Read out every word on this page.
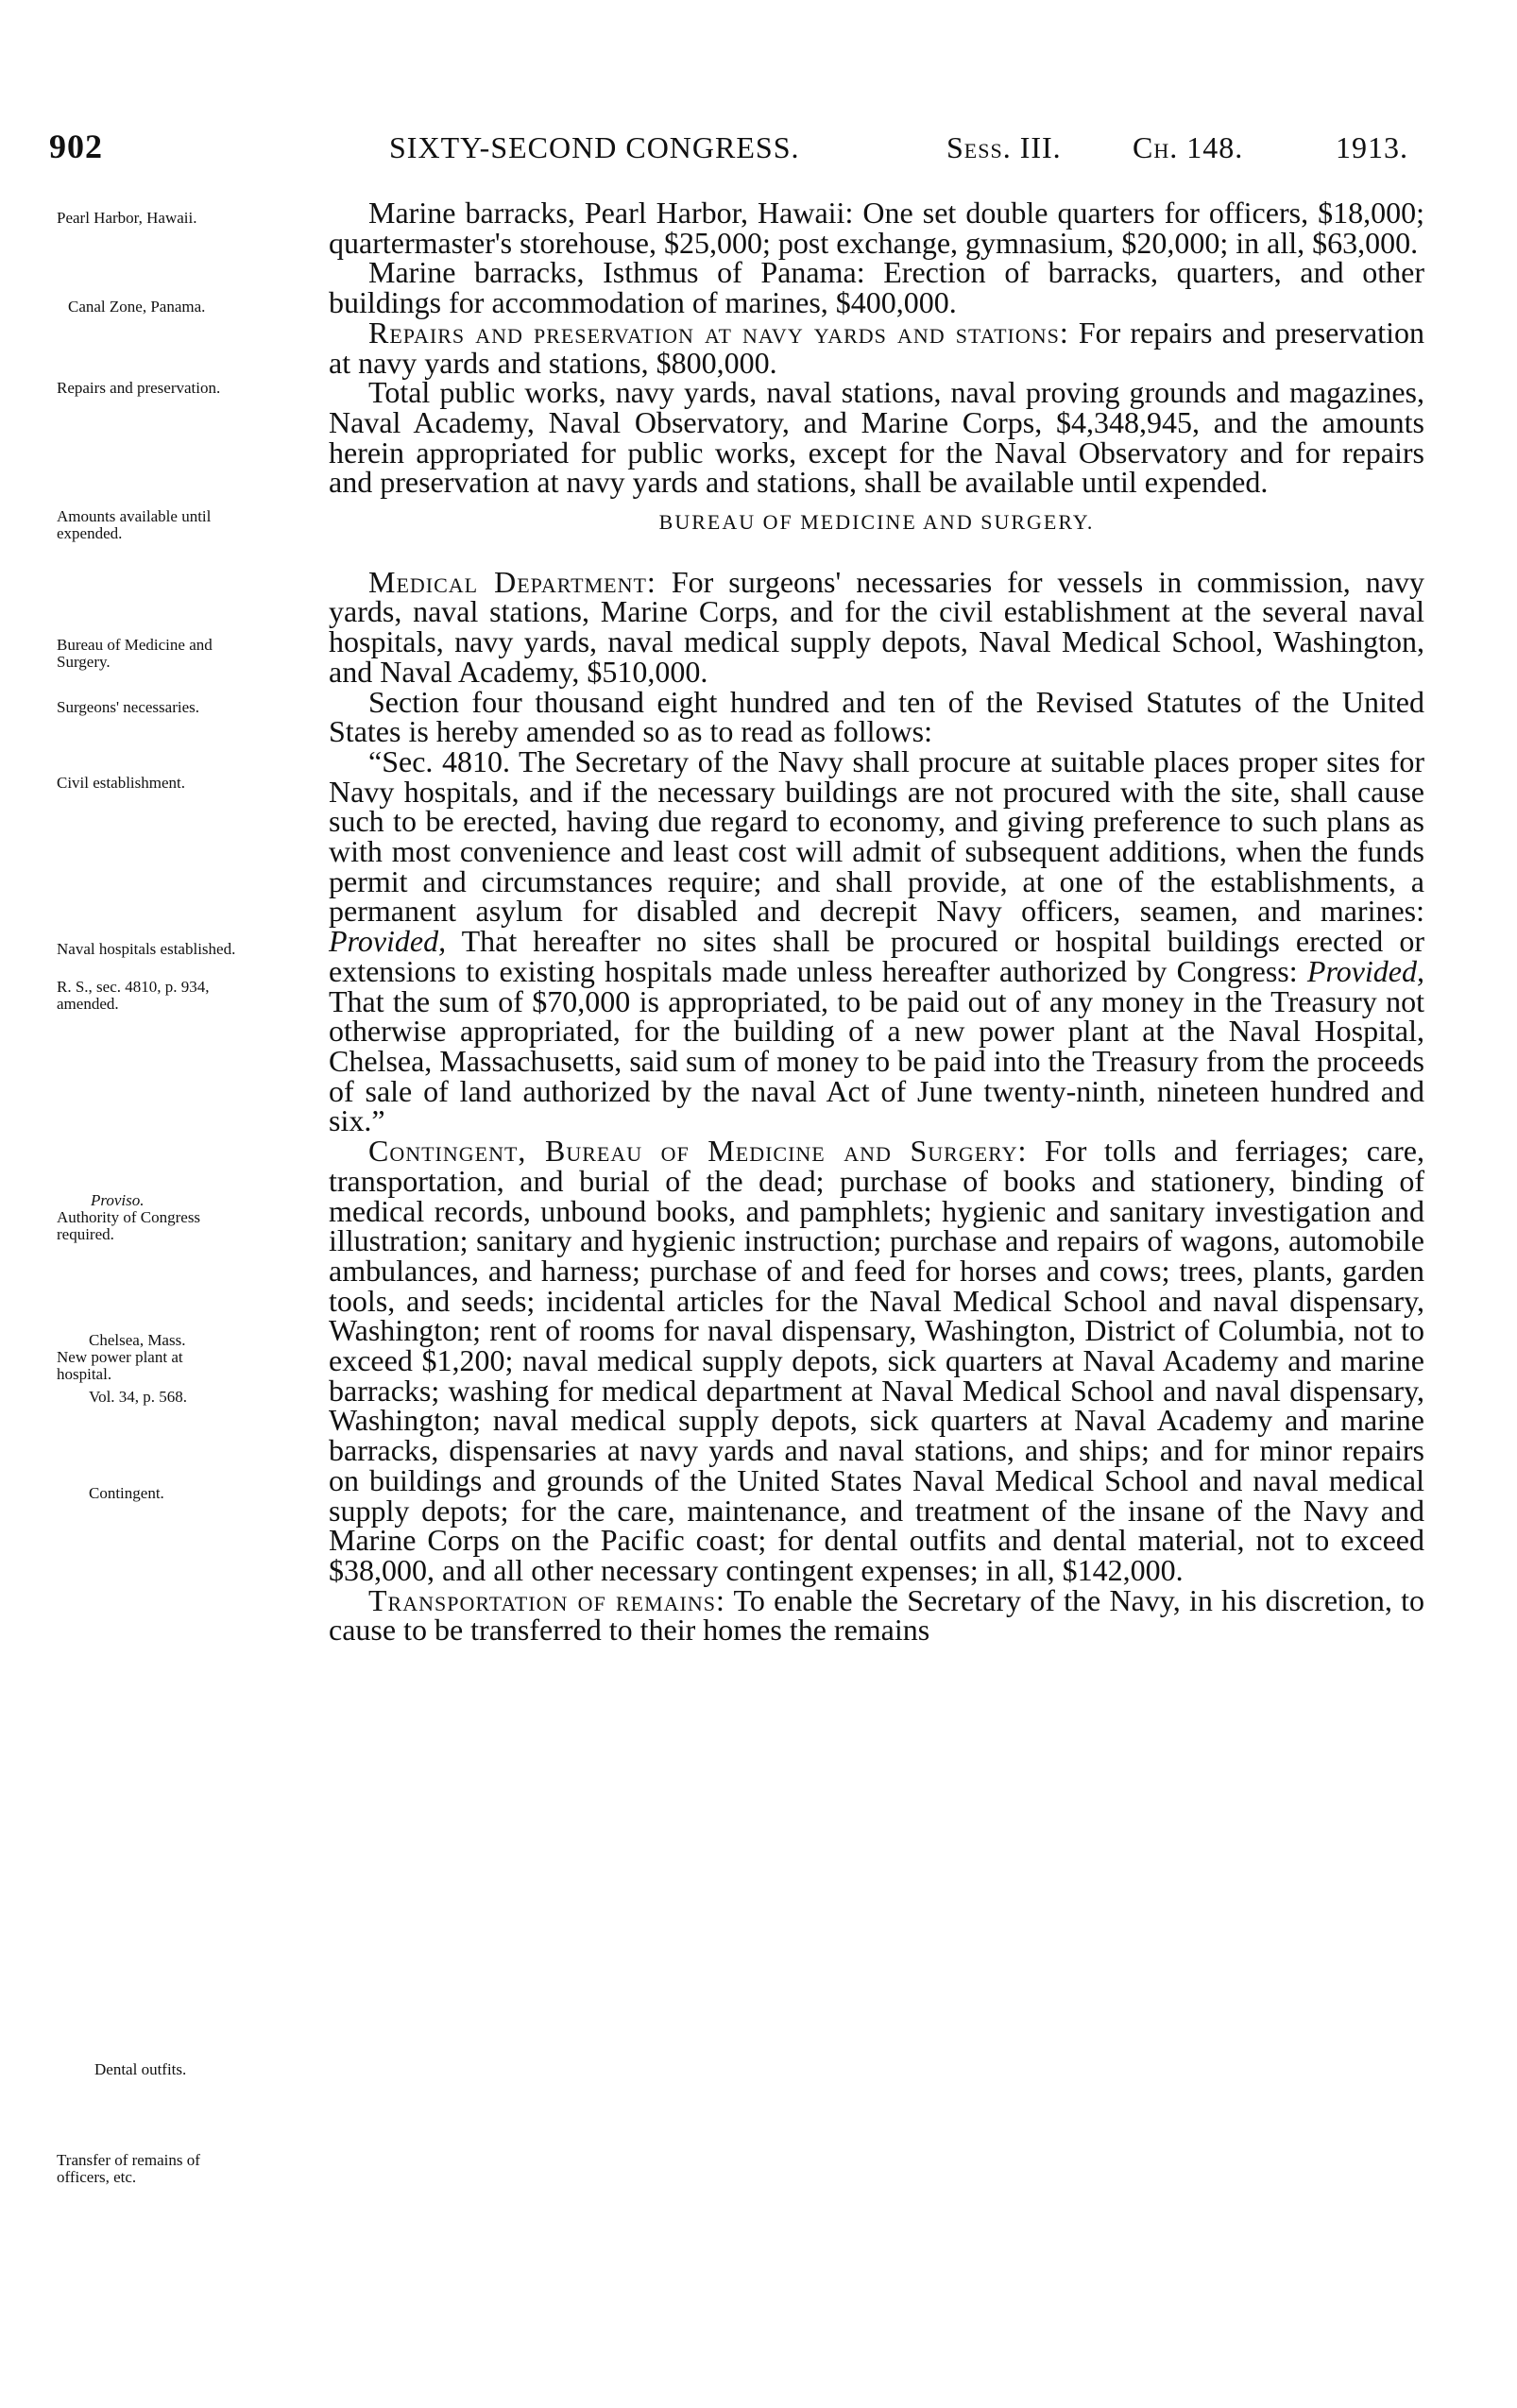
902	SIXTY-SECOND CONGRESS.	Sess. III. Ch. 148.	1913.
Pearl Harbor, Hawaii.
Canal Zone, Panama.
Repairs and preservation.
Amounts available until expended.
Bureau of Medicine and Surgery.
Surgeons' necessaries.
Civil establishment.
Naval hospitals established.
R. S., sec. 4810, p. 934, amended.
Proviso.
Authority of Congress required.
Chelsea, Mass.
New power plant at hospital.
Vol. 34, p. 568.
Contingent.
Dental outfits.
Transfer of remains of officers, etc.

Marine barracks, Pearl Harbor, Hawaii: One set double quarters for officers, $18,000; quartermaster's storehouse, $25,000; post exchange, gymnasium, $20,000; in all, $63,000.

Marine barracks, Isthmus of Panama: Erection of barracks, quarters, and other buildings for accommodation of marines, $400,000.

Repairs and preservation at navy yards and stations: For repairs and preservation at navy yards and stations, $800,000.

Total public works, navy yards, naval stations, naval proving grounds and magazines, Naval Academy, Naval Observatory, and Marine Corps, $4,348,945, and the amounts herein appropriated for public works, except for the Naval Observatory and for repairs and preservation at navy yards and stations, shall be available until expended.

BUREAU OF MEDICINE AND SURGERY.

Medical Department: For surgeons' necessaries for vessels in commission, navy yards, naval stations, Marine Corps, and for the civil establishment at the several naval hospitals, navy yards, naval medical supply depots, Naval Medical School, Washington, and Naval Academy, $510,000.

Section four thousand eight hundred and ten of the Revised Statutes of the United States is hereby amended so as to read as follows:

“Sec. 4810. The Secretary of the Navy shall procure at suitable places proper sites for Navy hospitals, and if the necessary buildings are not procured with the site, shall cause such to be erected, having due regard to economy, and giving preference to such plans as with most convenience and least cost will admit of subsequent additions, when the funds permit and circumstances require; and shall provide, at one of the establishments, a permanent asylum for disabled and decrepit Navy officers, seamen, and marines: Provided, That hereafter no sites shall be procured or hospital buildings erected or extensions to existing hospitals made unless hereafter authorized by Congress: Provided, That the sum of $70,000 is appropriated, to be paid out of any money in the Treasury not otherwise appropriated, for the building of a new power plant at the Naval Hospital, Chelsea, Massachusetts, said sum of money to be paid into the Treasury from the proceeds of sale of land authorized by the naval Act of June twenty-ninth, nineteen hundred and six.”

Contingent, Bureau of Medicine and Surgery: For tolls and ferriages; care, transportation, and burial of the dead; purchase of books and stationery, binding of medical records, unbound books, and pamphlets; hygienic and sanitary investigation and illustration; sanitary and hygienic instruction; purchase and repairs of wagons, automobile ambulances, and harness; purchase of and feed for horses and cows; trees, plants, garden tools, and seeds; incidental articles for the Naval Medical School and naval dispensary, Washington; rent of rooms for naval dispensary, Washington, District of Columbia, not to exceed $1,200; naval medical supply depots, sick quarters at Naval Academy and marine barracks; washing for medical department at Naval Medical School and naval dispensary, Washington; naval medical supply depots, sick quarters at Naval Academy and marine barracks, dispensaries at navy yards and naval stations, and ships; and for minor repairs on buildings and grounds of the United States Naval Medical School and naval medical supply depots; for the care, maintenance, and treatment of the insane of the Navy and Marine Corps on the Pacific coast; for dental outfits and dental material, not to exceed $38,000, and all other necessary contingent expenses; in all, $142,000.

Transportation of remains: To enable the Secretary of the Navy, in his discretion, to cause to be transferred to their homes the remains
